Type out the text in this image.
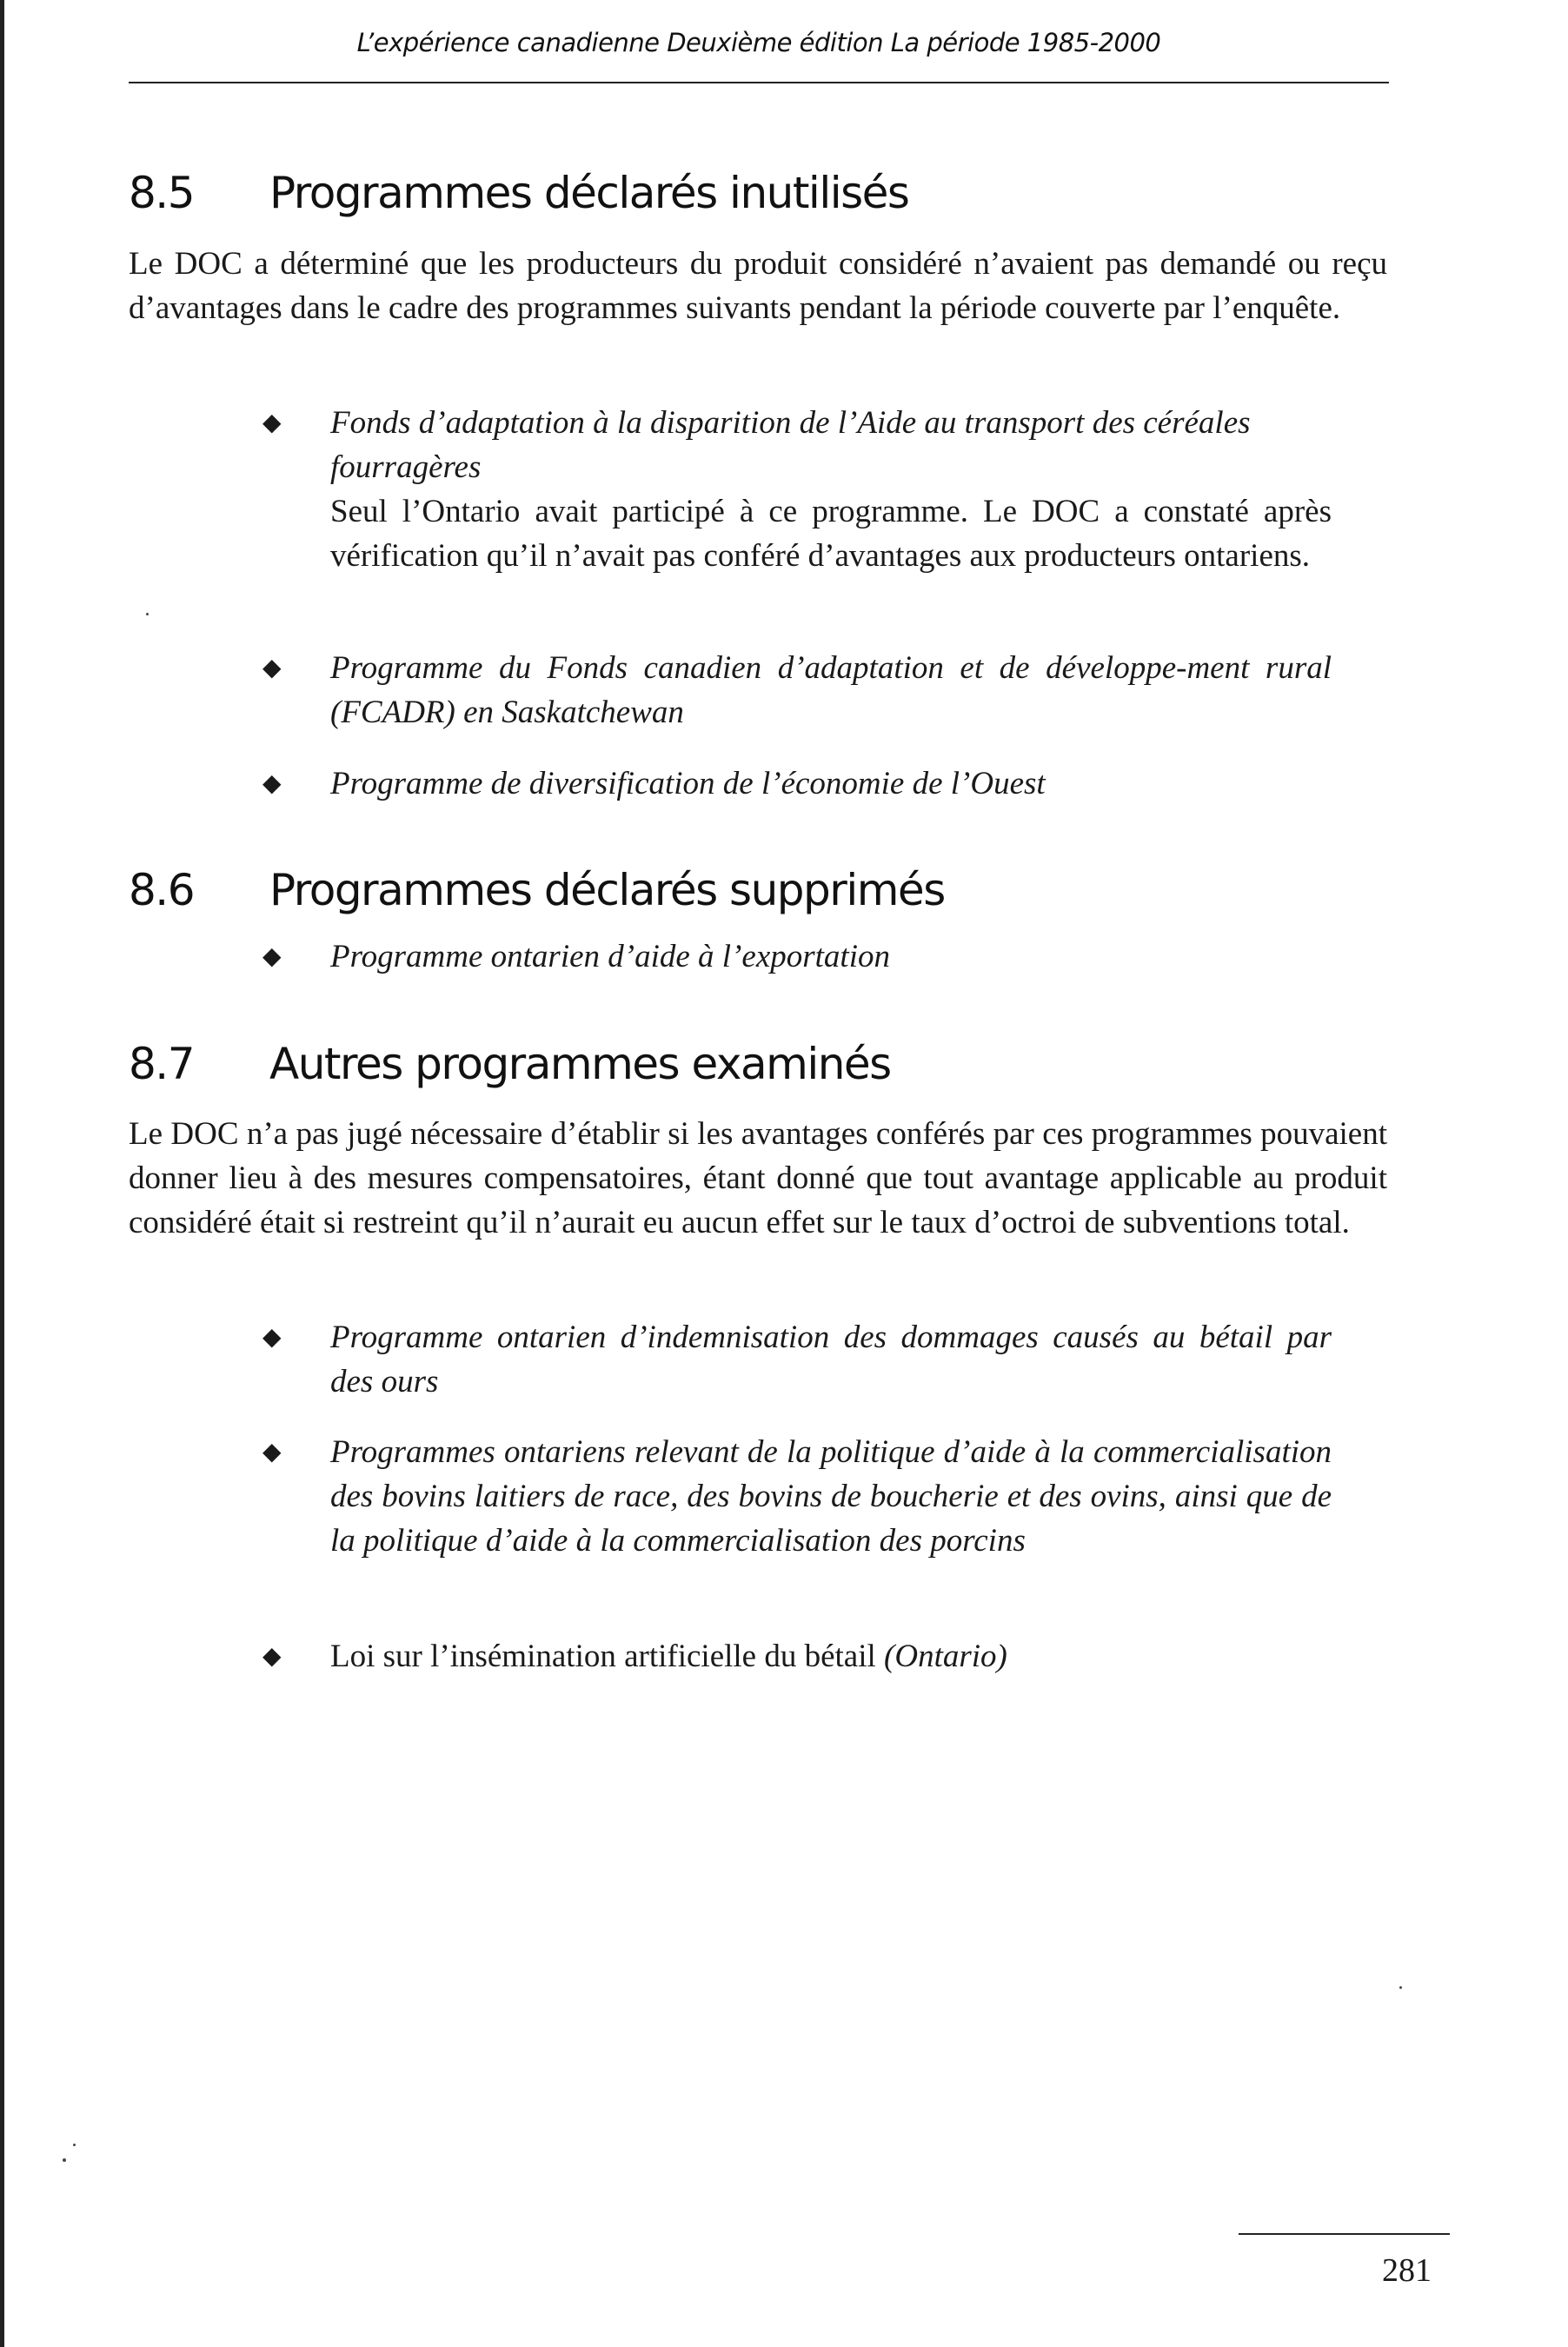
L’expérience canadienne Deuxième édition La période 1985-2000
8.5 Programmes déclarés inutilisés
Le DOC a déterminé que les producteurs du produit considéré n’avaient pas demandé ou reçu d’avantages dans le cadre des programmes suivants pendant la période couverte par l’enquête.
◆ Fonds d’adaptation à la disparition de l’Aide au transport des céréales fourragères
Seul l’Ontario avait participé à ce programme. Le DOC a constaté après vérification qu’il n’avait pas conféré d’avantages aux producteurs ontariens.
◆ Programme du Fonds canadien d’adaptation et de développe-ment rural (FCADR) en Saskatchewan
◆ Programme de diversification de l’économie de l’Ouest
8.6 Programmes déclarés supprimés
◆ Programme ontarien d’aide à l’exportation
8.7 Autres programmes examinés
Le DOC n’a pas jugé nécessaire d’établir si les avantages conférés par ces programmes pouvaient donner lieu à des mesures compensatoires, étant donné que tout avantage applicable au produit considéré était si restreint qu’il n’aurait eu aucun effet sur le taux d’octroi de subventions total.
◆ Programme ontarien d’indemnisation des dommages causés au bétail par des ours
◆ Programmes ontariens relevant de la politique d’aide à la commercialisation des bovins laitiers de race, des bovins de boucherie et des ovins, ainsi que de la politique d’aide à la commercialisation des porcins
◆ Loi sur l’insémination artificielle du bétail (Ontario)
281
